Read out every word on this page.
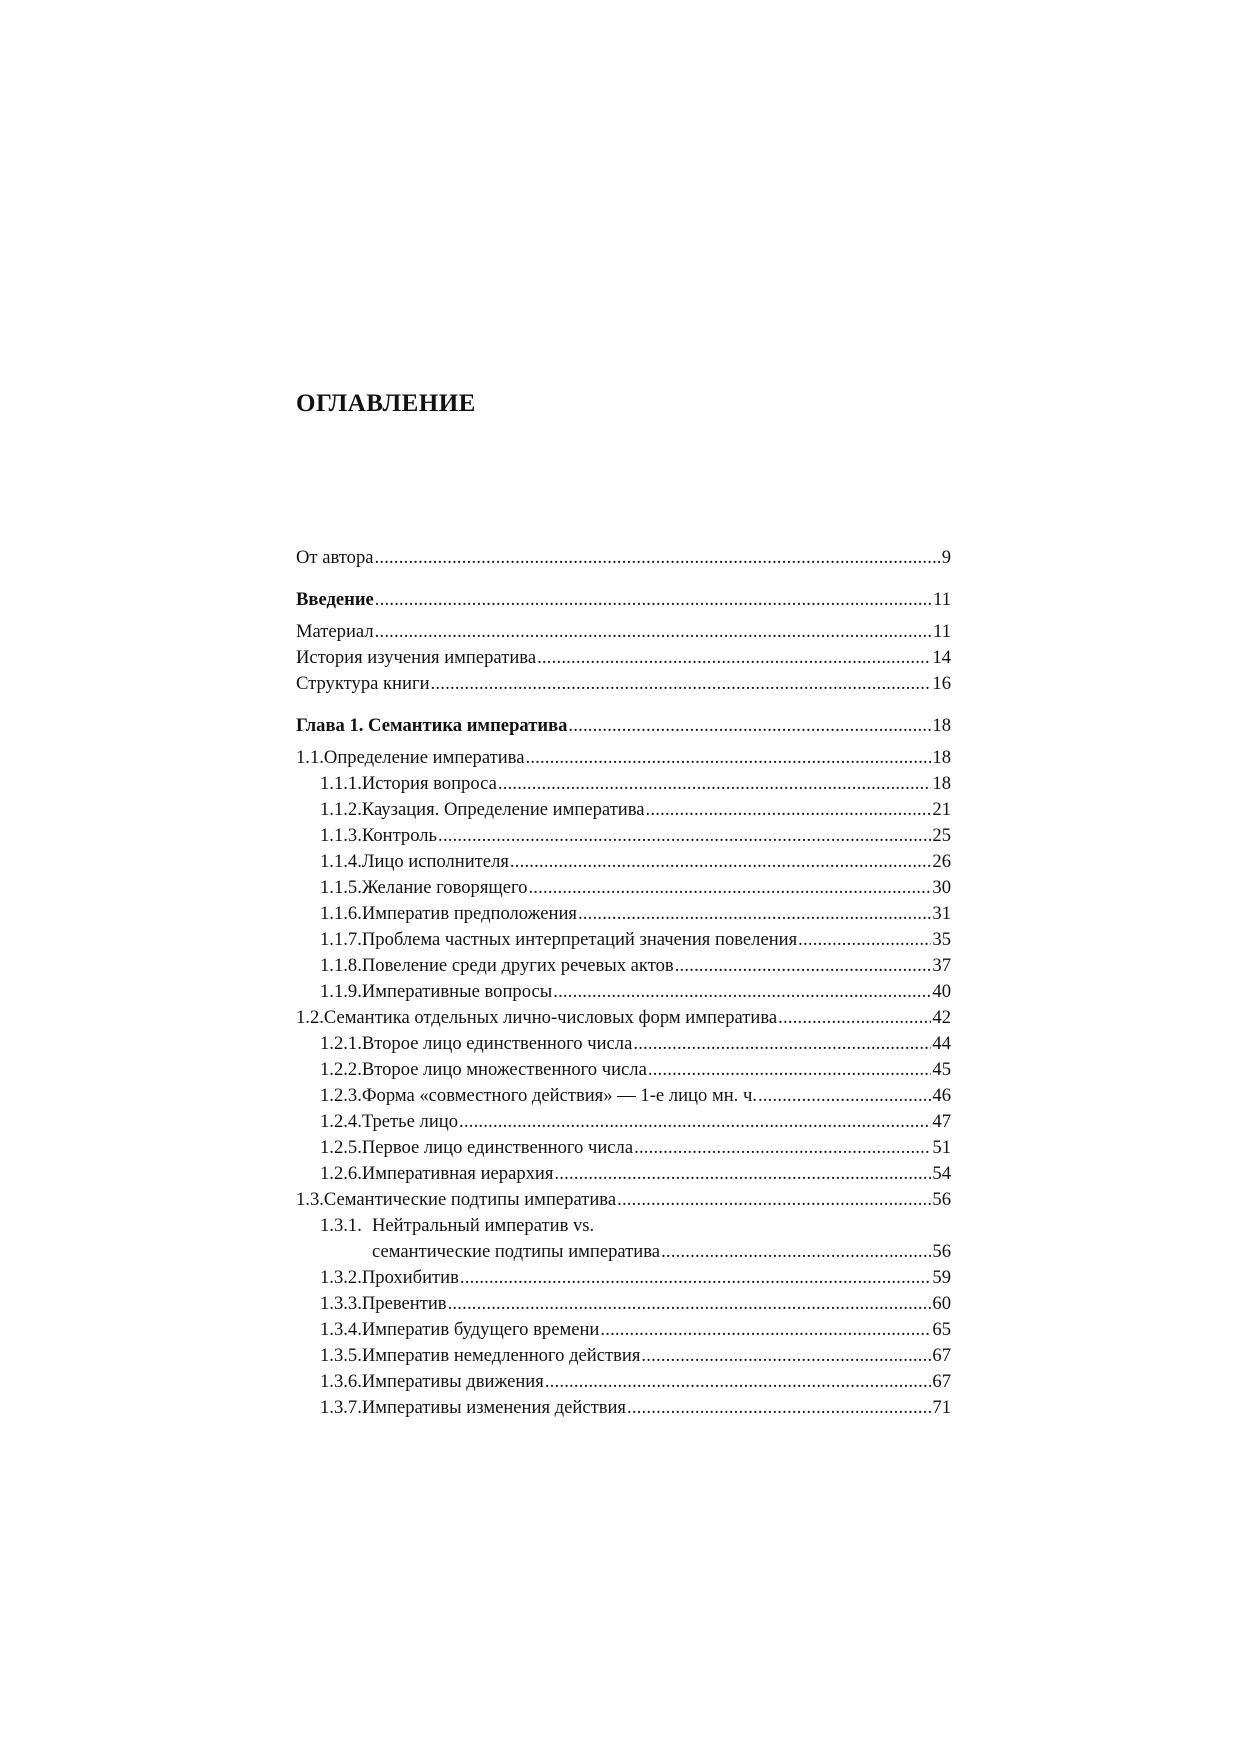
ОГЛАВЛЕНИЕ
От автора .....	9
Введение .....	11
Материал .....	11
История изучения императива .....	14
Структура книги .....	16
Глава 1. Семантика императива .....	18
1.1. Определение императива .....	18
1.1.1. История вопроса .....	18
1.1.2. Каузация. Определение императива .....	21
1.1.3. Контроль .....	25
1.1.4. Лицо исполнителя .....	26
1.1.5. Желание говорящего .....	30
1.1.6. Императив предположения .....	31
1.1.7. Проблема частных интерпретаций значения повеления .....	35
1.1.8. Повеление среди других речевых актов .....	37
1.1.9. Императивные вопросы .....	40
1.2. Семантика отдельных лично-числовых форм императива .....	42
1.2.1. Второе лицо единственного числа .....	44
1.2.2. Второе лицо множественного числа .....	45
1.2.3. Форма «совместного действия» — 1-е лицо мн. ч. .....	46
1.2.4. Третье лицо .....	47
1.2.5. Первое лицо единственного числа .....	51
1.2.6. Императивная иерархия .....	54
1.3. Семантические подтипы императива .....	56
1.3.1. Нейтральный императив vs.
семантические подтипы императива .....	56
1.3.2. Прохибитив .....	59
1.3.3. Превентив .....	60
1.3.4. Императив будущего времени .....	65
1.3.5. Императив немедленного действия .....	67
1.3.6. Императивы движения .....	67
1.3.7. Императивы изменения действия .....	71
